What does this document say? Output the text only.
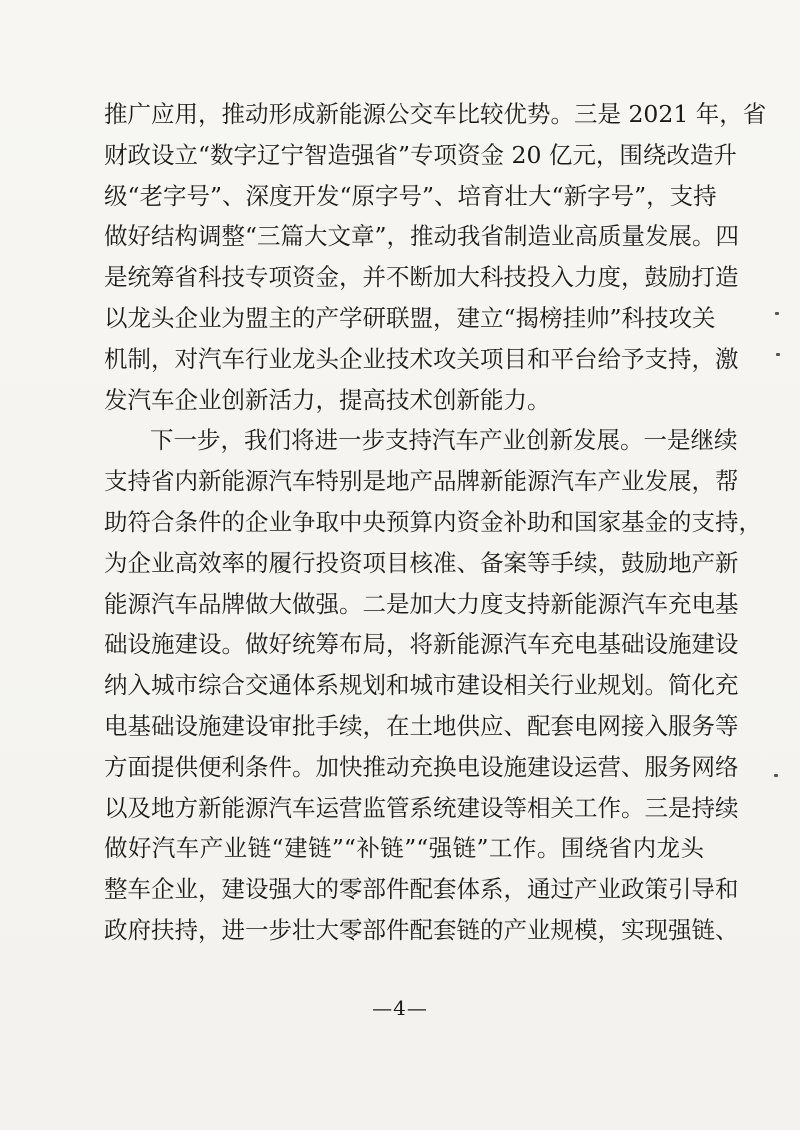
推广应用，推动形成新能源公交车比较优势。三是 2021 年，省
财政设立“数字辽宁智造强省”专项资金 20 亿元，围绕改造升
级“老字号”、深度开发“原字号”、培育壮大“新字号”，支持
做好结构调整“三篇大文章”，推动我省制造业高质量发展。四
是统筹省科技专项资金，并不断加大科技投入力度，鼓励打造
以龙头企业为盟主的产学研联盟，建立“揭榜挂帅”科技攻关
机制，对汽车行业龙头企业技术攻关项目和平台给予支持，激
发汽车企业创新活力，提高技术创新能力。
下一步，我们将进一步支持汽车产业创新发展。一是继续
支持省内新能源汽车特别是地产品牌新能源汽车产业发展，帮
助符合条件的企业争取中央预算内资金补助和国家基金的支持，
为企业高效率的履行投资项目核准、备案等手续，鼓励地产新
能源汽车品牌做大做强。二是加大力度支持新能源汽车充电基
础设施建设。做好统筹布局，将新能源汽车充电基础设施建设
纳入城市综合交通体系规划和城市建设相关行业规划。简化充
电基础设施建设审批手续，在土地供应、配套电网接入服务等
方面提供便利条件。加快推动充换电设施建设运营、服务网络
以及地方新能源汽车运营监管系统建设等相关工作。三是持续
做好汽车产业链“建链”“补链”“强链”工作。围绕省内龙头
整车企业，建设强大的零部件配套体系，通过产业政策引导和
政府扶持，进一步壮大零部件配套链的产业规模，实现强链、
—4—
